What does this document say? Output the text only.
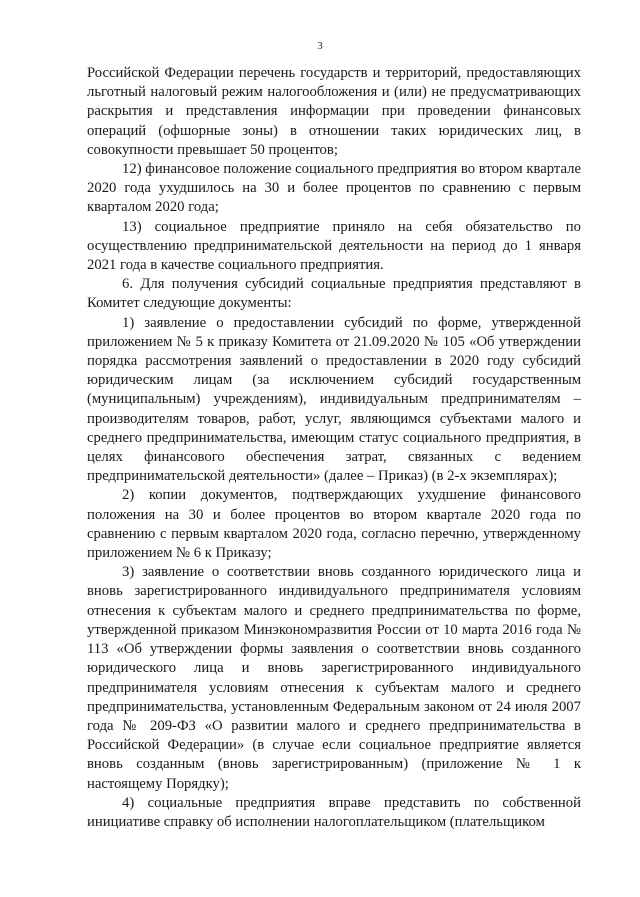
3

Российской Федерации перечень государств и территорий, предоставляющих льготный налоговый режим налогообложения и (или) не предусматривающих раскрытия и представления информации при проведении финансовых операций (офшорные зоны) в отношении таких юридических лиц, в совокупности превышает 50 процентов;

12) финансовое положение социального предприятия во втором квартале 2020 года ухудшилось на 30 и более процентов по сравнению с первым кварталом 2020 года;

13) социальное предприятие приняло на себя обязательство по осуществлению предпринимательской деятельности на период до 1 января 2021 года в качестве социального предприятия.

6. Для получения субсидий социальные предприятия представляют в Комитет следующие документы:

1) заявление о предоставлении субсидий по форме, утвержденной приложением № 5 к приказу Комитета от 21.09.2020 № 105 «Об утверждении порядка рассмотрения заявлений о предоставлении в 2020 году субсидий юридическим лицам (за исключением субсидий государственным (муниципальным) учреждениям), индивидуальным предпринимателям – производителям товаров, работ, услуг, являющимся субъектами малого и среднего предпринимательства, имеющим статус социального предприятия, в целях финансового обеспечения затрат, связанных с ведением предпринимательской деятельности» (далее – Приказ) (в 2-х экземплярах);

2) копии документов, подтверждающих ухудшение финансового положения на 30 и более процентов во втором квартале 2020 года по сравнению с первым кварталом 2020 года, согласно перечню, утвержденному приложением № 6 к Приказу;

3) заявление о соответствии вновь созданного юридического лица и вновь зарегистрированного индивидуального предпринимателя условиям отнесения к субъектам малого и среднего предпринимательства по форме, утвержденной приказом Минэкономразвития России от 10 марта 2016 года № 113 «Об утверждении формы заявления о соответствии вновь созданного юридического лица и вновь зарегистрированного индивидуального предпринимателя условиям отнесения к субъектам малого и среднего предпринимательства, установленным Федеральным законом от 24 июля 2007 года № 209-ФЗ «О развитии малого и среднего предпринимательства в Российской Федерации» (в случае если социальное предприятие является вновь созданным (вновь зарегистрированным) (приложение № 1 к настоящему Порядку);

4) социальные предприятия вправе представить по собственной инициативе справку об исполнении налогоплательщиком (плательщиком
